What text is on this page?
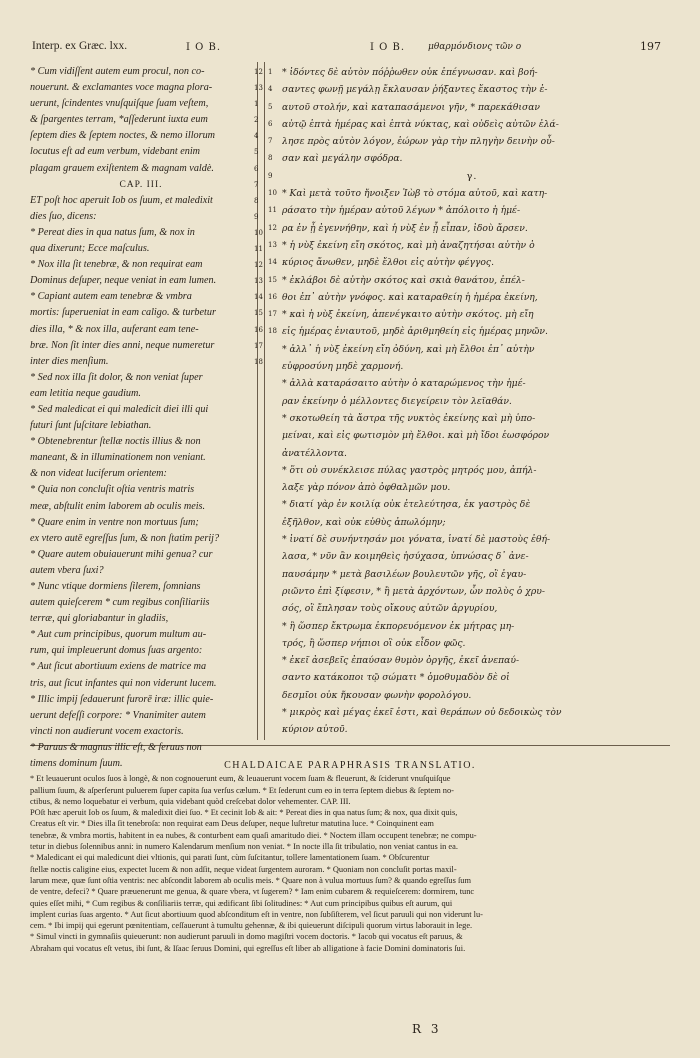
Interp. ex Græc. lxx.	I O B.	Ι Ο Β.	μθαρμόνδιονς τῶν ο	197
* Cum vidiſſent autem eum procul, non co-
nouerunt. & exclamantes voce magna plora-
uerunt, ſcindentes vnuſquiſque ſuam veſtem,
& ſpargentes terram, *aſſederunt iuxta eum
ſeptem dies & ſeptem noctes, & nemo illorum
locutus eſt ad eum verbum, videbant enim
plagam grauem exiſtentem & magnam valdè.
CAP. III.
ET poſt hoc aperuit Iob os ſuum, et maledixit
dies ſuo, dicens:
* Pereat dies in qua natus ſum, & nox in
qua dixerunt; Ecce maſculus.
* Nox illa ſit tenebræ, & non requirat eam
Dominus deſuper, neque veniat in eam lumen.
* Capiant autem eam tenebræ & vmbra
mortis: ſuperueniat in eam caligo. & turbetur
dies illa, * & nox illa, auferant eam tene-
bræ. Non ſit inter dies anni, neque numeretur
inter dies menſium.
* Sed nox illa ſit dolor, & non veniat ſuper
eam letitia neque gaudium.
* Sed maledicat ei qui maledicit diei illi qui
futuri ſunt ſuſcitare lebiathan.
* Obtenebrentur ſtellæ noctis illius & non
maneant, & in illuminationem non veniant.
& non videat luciferum orientem:
* Quia non concluſit oſtia ventris matris
meæ, abſtulit enim laborem ab oculis meis.
* Quare enim in ventre non mortuus ſum;
ex vtero autē egreſſus ſum, & non ſtatim perij?
* Quare autem obuiauerunt mihi genua? cur
autem vbera ſuxi?
* Nunc vtique dormiens ſilerem, ſomnians
autem quieſcerem * cum regibus conſiliariis
terræ, qui gloriabantur in gladiis,
* Aut cum principibus, quorum multum au-
rum, qui impleuerunt domus ſuas argento:
* Aut ſicut abortiuum exiens de matrice ma
tris, aut ſicut infantes qui non viderunt lucem.
* Illic impij ſedauerunt furorē iræ: illic quie-
uerunt defeſſi corpore: * Vnanimiter autem
vincti non audierunt vocem exactoris.
* Paruus & magnus illic eſt, & ſeruus non
timens dominum ſuum.
12
13
1
2
4
5
6
7
8
9
10
11
12
13
14
15
16
17
18
1
4
5
6
7
8
9
10
11
12
13
14
15
16
17
18
* ἰδόντες δὲ αὐτὸν πόῤῥωθεν οὐκ ἐπέγνωσαν. καὶ βοή-
σαντες φωνῇ μεγάλῃ ἔκλαυσαν ῥήξαντες ἕκαστος τὴν ἑ-
αυτοῦ στολήν, καὶ καταπασάμενοι γῆν, * παρεκάθισαν
αὐτῷ ἑπτὰ ἡμέρας καὶ ἑπτὰ νύκτας, καὶ οὐδεὶς αὐτῶν ἐλά-
λησε πρὸς αὐτὸν λόγον, ἑώρων γὰρ τὴν πληγὴν δεινὴν οὖ-
σαν καὶ μεγάλην σφόδρα.
γ.
* Καὶ μετὰ τοῦτο ἤνοιξεν Ἰὼβ τὸ στόμα αὐτοῦ, καὶ κατη-
ράσατο τὴν ἡμέραν αὐτοῦ λέγων * ἀπόλοιτο ἡ ἡμέ-
ρα ἐν ᾗ ἐγεννήθην, καὶ ἡ νὺξ ἐν ᾗ εἶπαν, ἰδοὺ ἄρσεν.
* ἡ νὺξ ἐκείνη εἴη σκότος, καὶ μὴ ἀναζητήσαι αὐτὴν ὁ
κύριος ἄνωθεν, μηδὲ ἔλθοι εἰς αὐτὴν φέγγος.
* ἐκλάβοι δὲ αὐτὴν σκότος καὶ σκιὰ θανάτου, ἐπέλ-
θοι ἐπ᾽ αὐτὴν γνόφος. καὶ καταραθείη ἡ ἡμέρα ἐκείνη,
* καὶ ἡ νὺξ ἐκείνη, ἀπενέγκαιτο αὐτὴν σκότος. μὴ εἴη
εἰς ἡμέρας ἐνιαυτοῦ, μηδὲ ἀριθμηθείη εἰς ἡμέρας μηνῶν.
* ἀλλ᾽ ἡ νὺξ ἐκείνη εἴη ὀδύνη, καὶ μὴ ἔλθοι ἐπ᾽ αὐτὴν
εὐφροσύνη μηδὲ χαρμονή.
* ἀλλὰ καταράσαιτο αὐτὴν ὁ καταρώμενος τὴν ἡμέ-
ραν ἐκείνην ὁ μέλλοντες διεγείρειν τὸν λεϊαθάν.
* σκοτωθείη τὰ ἄστρα τῆς νυκτὸς ἐκείνης καὶ μὴ ὑπο-
μείναι, καὶ εἰς φωτισμὸν μὴ ἔλθοι. καὶ μὴ ἴδοι ἑωσφόρον
ἀνατέλλοντα.
* ὅτι οὐ συνέκλεισε πύλας γαστρὸς μητρός μου, ἀπήλ-
λαξε γὰρ πόνον ἀπὸ ὀφθαλμῶν μου.
* διατί γὰρ ἐν κοιλίᾳ οὐκ ἐτελεύτησα, ἐκ γαστρὸς δὲ
ἐξῆλθον, καὶ οὐκ εὐθὺς ἀπωλόμην;
* ἱνατί δὲ συνήντησάν μοι γόνατα, ἱνατί δὲ μαστοὺς ἐθή-
λασα, * νῦν ἂν κοιμηθεὶς ἡσύχασα, ὑπνώσας δ᾽ ἀνε-
παυσάμην * μετὰ βασιλέων βουλευτῶν γῆς, οἳ ἐγαυ-
ριῶντο ἐπὶ ξίφεσιν, * ἢ μετὰ ἀρχόντων, ὧν πολὺς ὁ χρυ-
σός, οἳ ἔπλησαν τοὺς οἴκους αὐτῶν ἀργυρίου,
* ἢ ὥσπερ ἔκτρωμα ἐκπορευόμενον ἐκ μήτρας μη-
τρός, ἢ ὥσπερ νήπιοι οἳ οὐκ εἶδον φῶς.
* ἐκεῖ ἀσεβεῖς ἐπαύσαν θυμὸν ὀργῆς, ἐκεῖ ἀνεπαύ-
σαντο κατάκοποι τῷ σώματι * ὁμοθυμαδὸν δὲ οἱ
δεσμῖοι οὐκ ἤκουσαν φωνὴν φορολόγου.
* μικρὸς καὶ μέγας ἐκεῖ ἐστι, καὶ θεράπων οὐ δεδοικὼς τὸν
κύριον αὐτοῦ.
CHALDAICAE PARAPHRASIS TRANSLATIO.
* Et leuauerunt oculos ſuos à longè, & non cognouerunt eum, & leuauerunt vocem ſuam & fleuerunt, & ſciderunt vnuſquiſque
pallium ſuum, & aſperſerunt puluerem ſuper capita ſua verſus cælum. * Et ſederunt cum eo in terra ſeptem diebus & ſeptem no-
ctibus, & nemo loquebatur ei verbum, quia videbant quòd creſcebat dolor vehementer. CAP. III.
POſt hæc aperuit Iob os ſuum, & maledixit diei ſuo. * Et cecinit Iob & ait: * Pereat dies in qua natus ſum; & nox, qua dixit quis,
Creatus eſt vir. * Dies illa ſit tenebroſa: non requirat eam Deus deſuper, neque luſtretur matutina luce. * Coinquinent eam
tenebræ, & vmbra mortis, habitent in ea nubes, & conturbent eam quaſi amaritudo diei. * Noctem illam occupent tenebræ; ne compu-
tetur in diebus ſolennibus anni: in numero Kalendarum menſium non veniat. * In nocte illa ſit tribulatio, non veniat cantus in ea.
* Maledicant ei qui maledicunt diei vltionis, qui parati ſunt, cùm ſuſcitantur, tollere lamentationem ſuam. * Obſcurentur
ſtellæ noctis caligine eius, expectet lucem & non adſit, neque videat ſurgentem auroram. * Quoniam non concluſit portas maxil-
larum meæ, quæ ſunt oſtia ventris: nec abſcondit laborem ab oculis meis. * Quare non à vulua mortuus ſum? & quando egreſſus ſum
de ventre, defeci? * Quare præuenerunt me genua, & quare vbera, vt ſugerem? * Iam enim cubarem & requieſcerem: dormirem, tunc
quies eſſet mihi, * Cum regibus & conſiliariis terræ, qui ædificant ſibi ſolitudines: * Aut cum principibus quibus eſt aurum, qui
implent curias ſuas argento. * Aut ſicut abortiuum quod abſconditum eſt in ventre, non ſubſiſterem, vel ſicut paruuli qui non viderunt lu-
cem. * Ibi impij qui egerunt pœnitentiam, ceſſauerunt à tumultu gehennæ, & ibi quieuerunt diſcipuli quorum virtus laborauit in lege.
* Simul vincti in gymnaſiis quieuerunt: non audierunt paruuli in domo magiſtri vocem doctoris. * Iacob qui vocatus eſt paruus, &
Abraham qui vocatus eſt vetus, ibi ſunt, & Iſaac ſeruus Domini, qui egreſſus eſt liber ab alligatione à facie Domini dominatoris ſui.
R 3
